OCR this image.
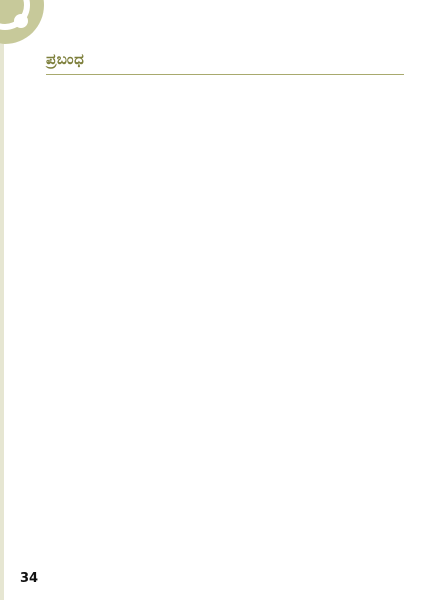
ಪ್ರಬಂಧ
34
